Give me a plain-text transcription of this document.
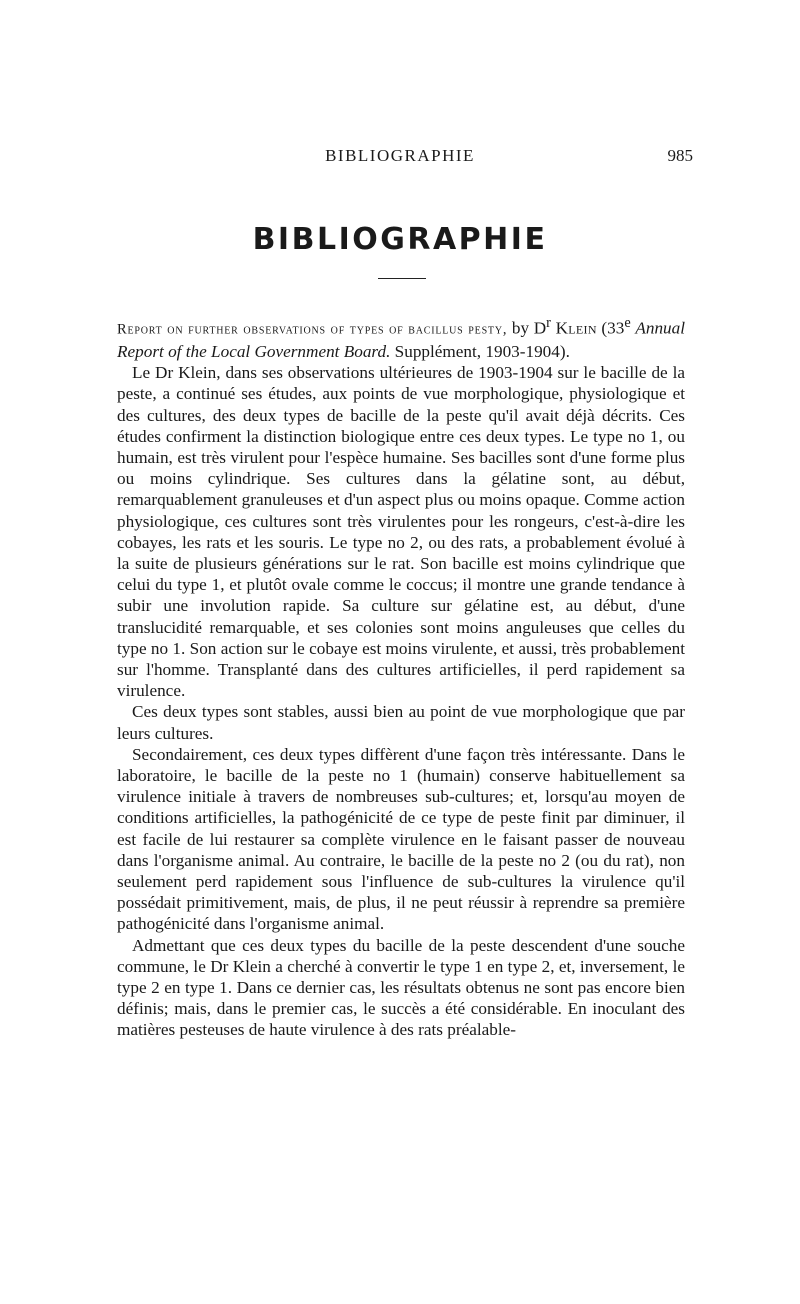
BIBLIOGRAPHIE	985
BIBLIOGRAPHIE

Report on further observations of types of bacillus pesty, by $D^r$ Klein (33e Annual Report of the Local Government Board. Supplément, 1903-1904).

Le Dr Klein, dans ses observations ultérieures de 1903-1904 sur le bacille de la peste, a continué ses études, aux points de vue morphologique, physiologique et des cultures, des deux types de bacille de la peste qu'il avait déjà décrits. Ces études confirment la distinction biologique entre ces deux types. Le type no 1, ou humain, est très virulent pour l'espèce humaine. Ses bacilles sont d'une forme plus ou moins cylindrique. Ses cultures dans la gélatine sont, au début, remarquablement granuleuses et d'un aspect plus ou moins opaque. Comme action physiologique, ces cultures sont très virulentes pour les rongeurs, c'est-à-dire les cobayes, les rats et les souris. Le type no 2, ou des rats, a probablement évolué à la suite de plusieurs générations sur le rat. Son bacille est moins cylindrique que celui du type 1, et plutôt ovale comme le coccus; il montre une grande tendance à subir une involution rapide. Sa culture sur gélatine est, au début, d'une translucidité remarquable, et ses colonies sont moins anguleuses que celles du type no 1. Son action sur le cobaye est moins virulente, et aussi, très probablement sur l'homme. Transplanté dans des cultures artificielles, il perd rapidement sa virulence.

Ces deux types sont stables, aussi bien au point de vue morphologique que par leurs cultures.

Secondairement, ces deux types diffèrent d'une façon très intéressante. Dans le laboratoire, le bacille de la peste no 1 (humain) conserve habituellement sa virulence initiale à travers de nombreuses sub-cultures; et, lorsqu'au moyen de conditions artificielles, la pathogénicité de ce type de peste finit par diminuer, il est facile de lui restaurer sa complète virulence en le faisant passer de nouveau dans l'organisme animal. Au contraire, le bacille de la peste no 2 (ou du rat), non seulement perd rapidement sous l'influence de sub-cultures la virulence qu'il possédait primitivement, mais, de plus, il ne peut réussir à reprendre sa première pathogénicité dans l'organisme animal.

Admettant que ces deux types du bacille de la peste descendent d'une souche commune, le Dr Klein a cherché à convertir le type 1 en type 2, et, inversement, le type 2 en type 1. Dans ce dernier cas, les résultats obtenus ne sont pas encore bien définis; mais, dans le premier cas, le succès a été considérable. En inoculant des matières pesteuses de haute virulence à des rats préalable-
